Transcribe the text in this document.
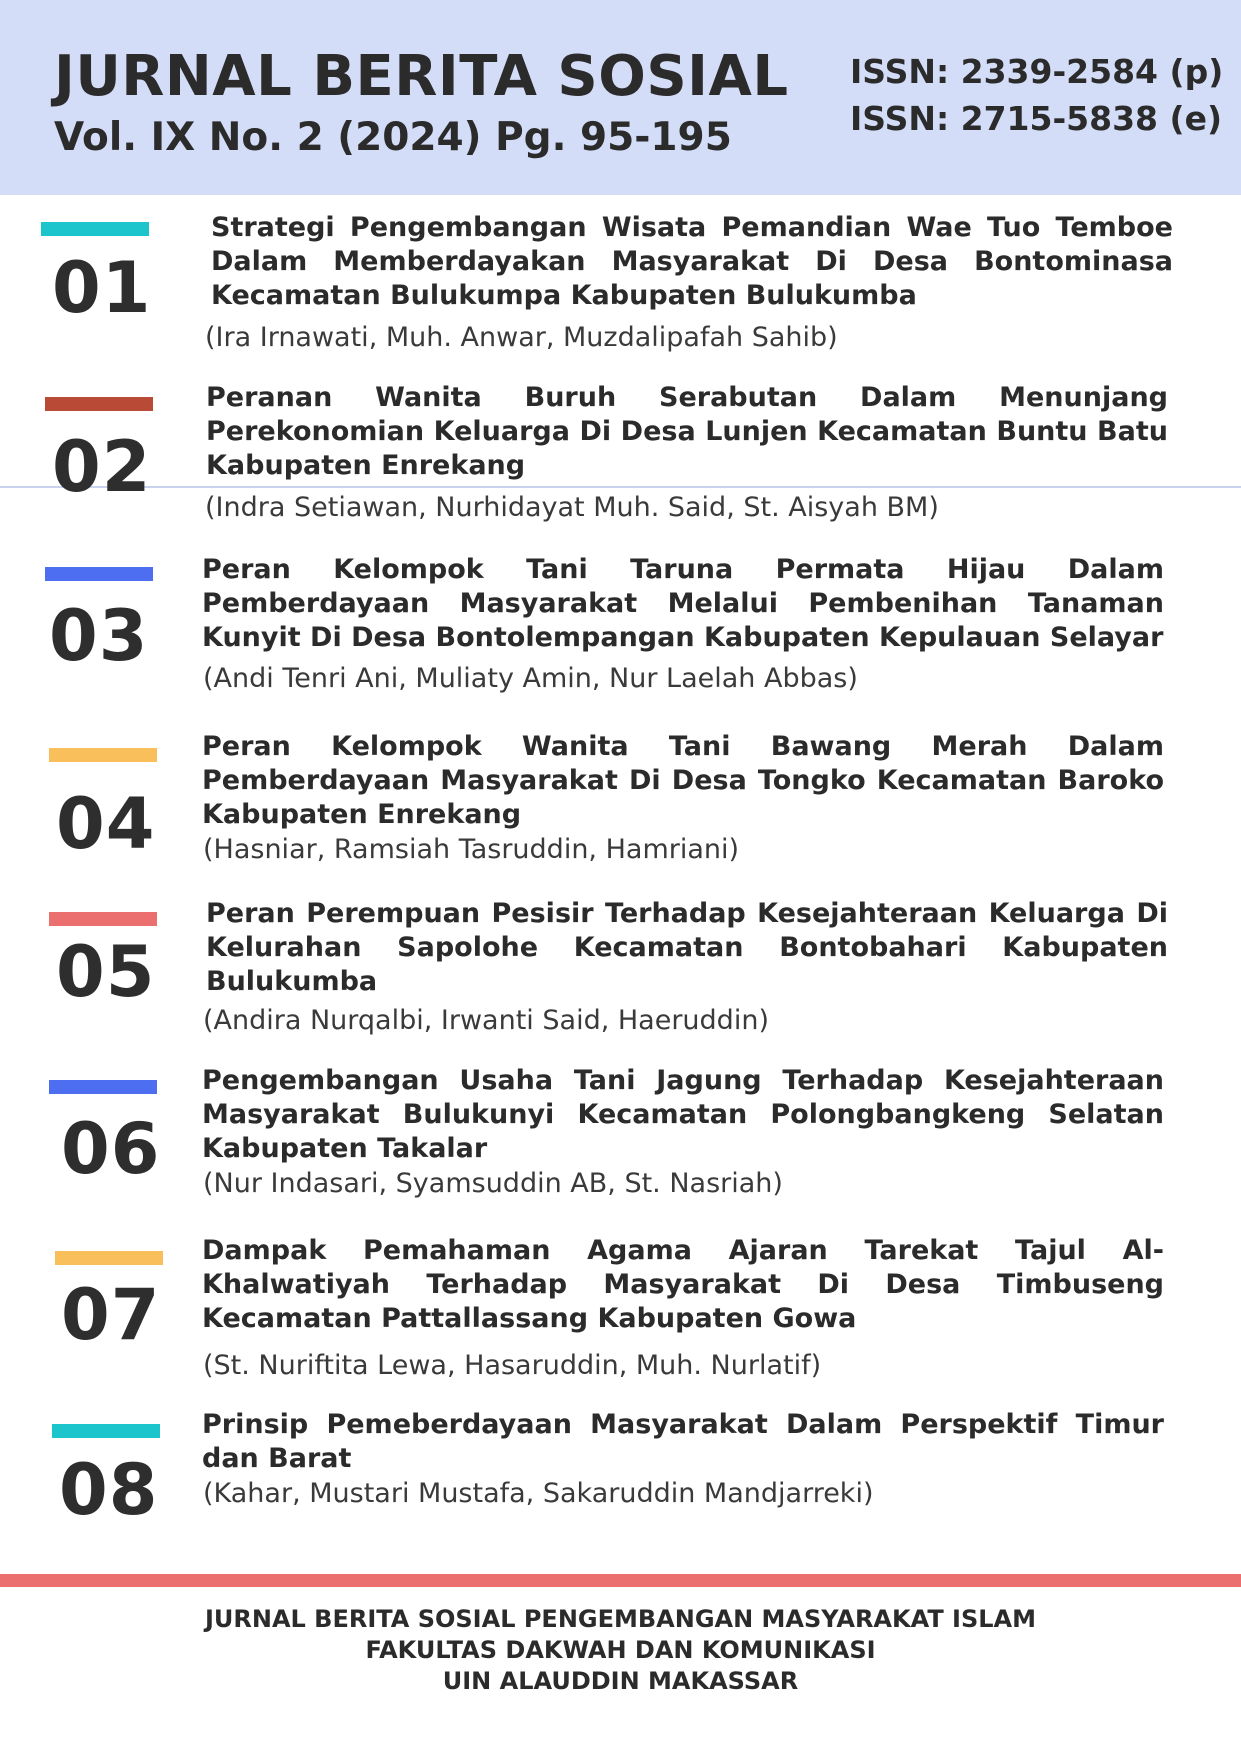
JURNAL BERITA SOSIAL
Vol. IX No. 2 (2024) Pg. 95-195
ISSN: 2339-2584 (p)
ISSN: 2715-5838 (e)
01

Strategi Pengembangan Wisata Pemandian Wae Tuo Temboe Dalam Memberdayakan Masyarakat Di Desa Bontominasa Kecamatan Bulukumpa Kabupaten Bulukumba

(Ira Irnawati, Muh. Anwar, Muzdalipafah Sahib)

02

Peranan Wanita Buruh Serabutan Dalam Menunjang Perekonomian Keluarga Di Desa Lunjen Kecamatan Buntu Batu Kabupaten Enrekang

(Indra Setiawan, Nurhidayat Muh. Said, St. Aisyah BM)

03

Peran Kelompok Tani Taruna Permata Hijau Dalam Pemberdayaan Masyarakat Melalui Pembenihan Tanaman Kunyit Di Desa Bontolempangan Kabupaten Kepulauan Selayar

(Andi Tenri Ani, Muliaty Amin, Nur Laelah Abbas)

04

Peran Kelompok Wanita Tani Bawang Merah Dalam Pemberdayaan Masyarakat Di Desa Tongko Kecamatan Baroko Kabupaten Enrekang

(Hasniar, Ramsiah Tasruddin, Hamriani)

05

Peran Perempuan Pesisir Terhadap Kesejahteraan Keluarga Di Kelurahan Sapolohe Kecamatan Bontobahari Kabupaten Bulukumba

(Andira Nurqalbi, Irwanti Said, Haeruddin)

06

Pengembangan Usaha Tani Jagung Terhadap Kesejahteraan Masyarakat Bulukunyi Kecamatan Polongbangkeng Selatan Kabupaten Takalar

(Nur Indasari, Syamsuddin AB, St. Nasriah)

07

Dampak Pemahaman Agama Ajaran Tarekat Tajul Al-Khalwatiyah Terhadap Masyarakat Di Desa Timbuseng Kecamatan Pattallassang Kabupaten Gowa

(St. Nuriftita Lewa, Hasaruddin, Muh. Nurlatif)

08

Prinsip Pemeberdayaan Masyarakat Dalam Perspektif Timur dan Barat

(Kahar, Mustari Mustafa, Sakaruddin Mandjarreki)

JURNAL BERITA SOSIAL PENGEMBANGAN MASYARAKAT ISLAM
FAKULTAS DAKWAH DAN KOMUNIKASI
UIN ALAUDDIN MAKASSAR
